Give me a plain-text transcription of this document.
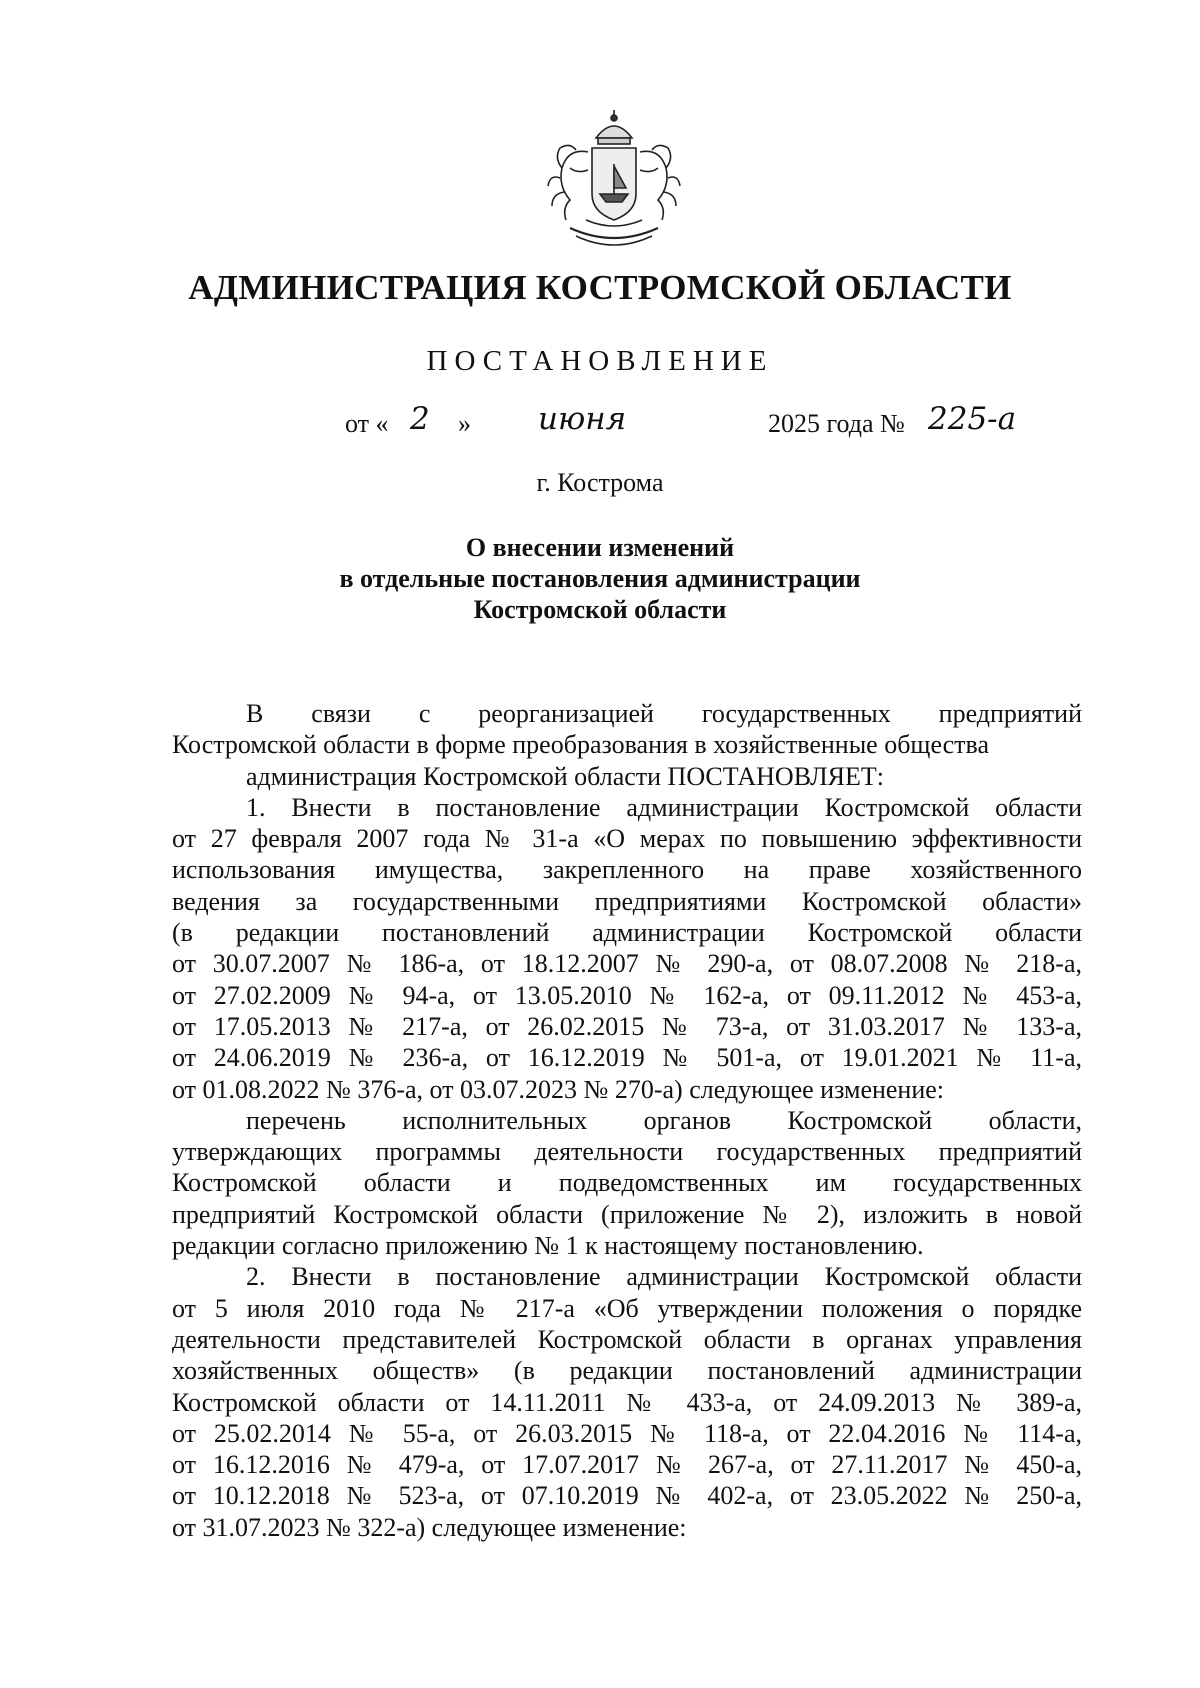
АДМИНИСТРАЦИЯ КОСТРОМСКОЙ ОБЛАСТИ
ПОСТАНОВЛЕНИЕ
от « 2 » июня	2025 года № 225-а
г. Кострома
О внесении изменений
в отдельные постановления администрации
Костромской области
В связи с реорганизацией государственных предприятий
Костромской области в форме преобразования в хозяйственные общества
администрация Костромской области ПОСТАНОВЛЯЕТ:
1. Внести в постановление администрации Костромской области
от 27 февраля 2007 года № 31-а «О мерах по повышению эффективности
использования имущества, закрепленного на праве хозяйственного
ведения за государственными предприятиями Костромской области»
(в редакции постановлений администрации Костромской области
от 30.07.2007 № 186-а, от 18.12.2007 № 290-а, от 08.07.2008 № 218-а,
от 27.02.2009 № 94-а, от 13.05.2010 № 162-а, от 09.11.2012 № 453-а,
от 17.05.2013 № 217-а, от 26.02.2015 № 73-а, от 31.03.2017 № 133-а,
от 24.06.2019 № 236-а, от 16.12.2019 № 501-а, от 19.01.2021 № 11-а,
от 01.08.2022 № 376-а, от 03.07.2023 № 270-а) следующее изменение:
перечень исполнительных органов Костромской области,
утверждающих программы деятельности государственных предприятий
Костромской области и подведомственных им государственных
предприятий Костромской области (приложение № 2), изложить в новой
редакции согласно приложению № 1 к настоящему постановлению.
2. Внести в постановление администрации Костромской области
от 5 июля 2010 года № 217-а «Об утверждении положения о порядке
деятельности представителей Костромской области в органах управления
хозяйственных обществ» (в редакции постановлений администрации
Костромской области от 14.11.2011 № 433-а, от 24.09.2013 № 389-а,
от 25.02.2014 № 55-а, от 26.03.2015 № 118-а, от 22.04.2016 № 114-а,
от 16.12.2016 № 479-а, от 17.07.2017 № 267-а, от 27.11.2017 № 450-а,
от 10.12.2018 № 523-а, от 07.10.2019 № 402-а, от 23.05.2022 № 250-а,
от 31.07.2023 № 322-а) следующее изменение:
